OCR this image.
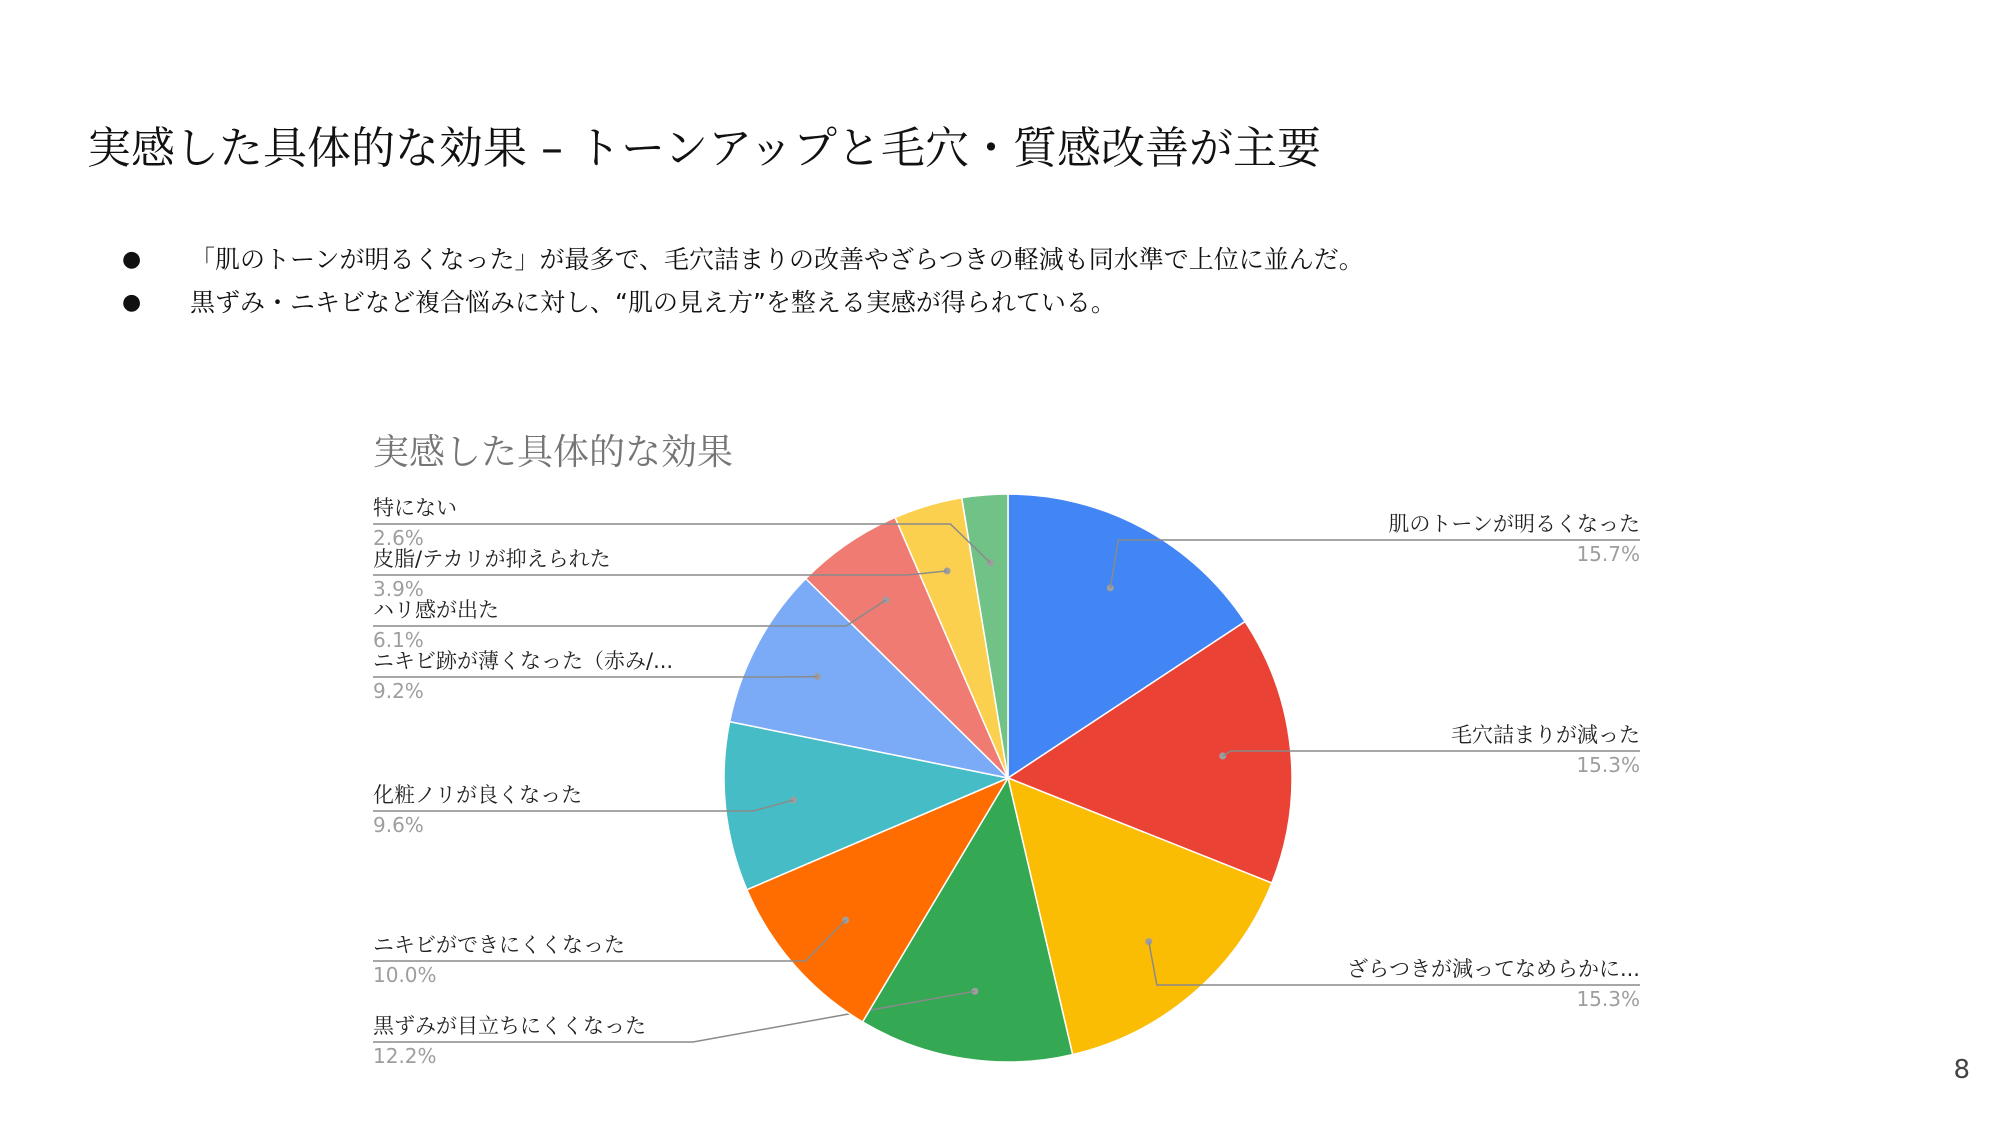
実感した具体的な効果 – トーンアップと毛穴・質感改善が主要
● 「肌のトーンが明るくなった」が最多で、毛穴詰まりの改善やざらつきの軽減も同水準で上位に並んだ。
● 黒ずみ・ニキビなど複合悩みに対し、“肌の見え方”を整える実感が得られている。
実感した具体的な効果
肌のトーンが明るくなった
15.7%
毛穴詰まりが減った
15.3%
ざらつきが減ってなめらかに...
15.3%
黒ずみが目立ちにくくなった
12.2%
ニキビができにくくなった
10.0%
化粧ノリが良くなった
9.6%
ニキビ跡が薄くなった（赤み/...
9.2%
ハリ感が出た
6.1%
皮脂/テカリが抑えられた
3.9%
特にない
2.6%
8
